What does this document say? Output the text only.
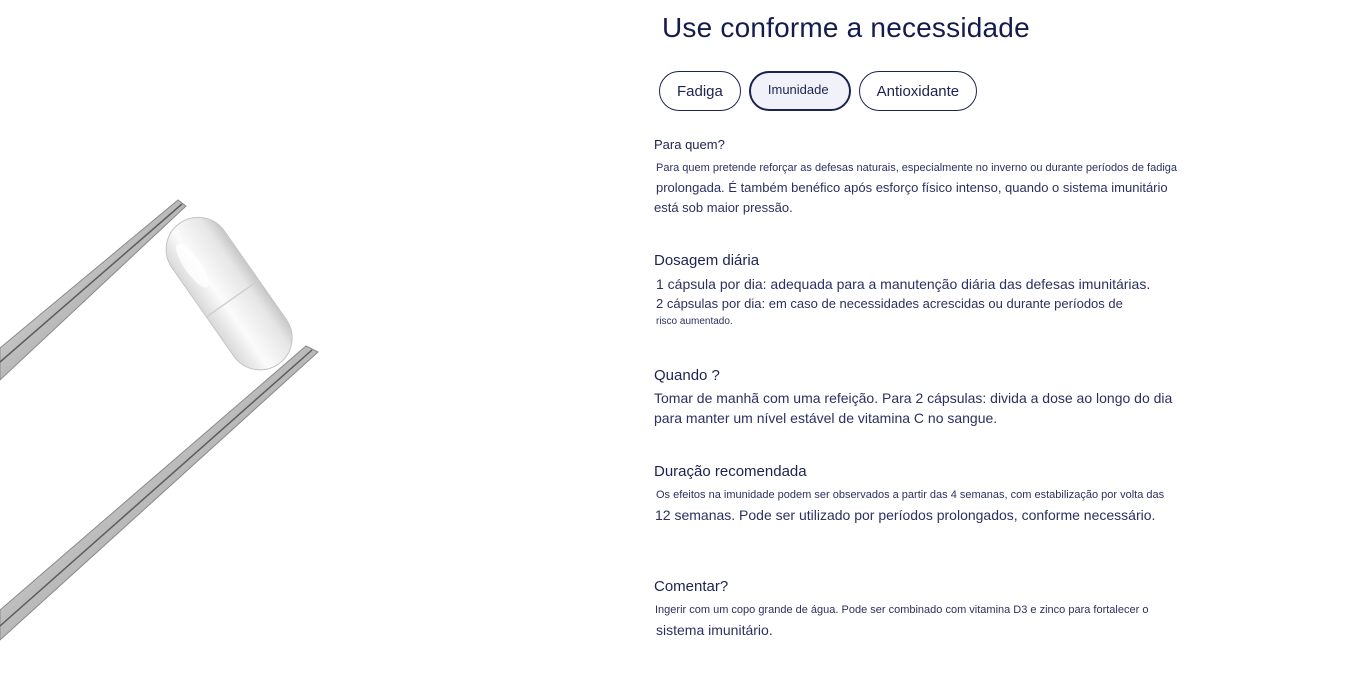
Use conforme a necessidade
Fadiga	Imunidade	Antioxidante

Para quem?

Para quem pretende reforçar as defesas naturais, especialmente no inverno ou durante períodos de fadiga

prolongada. É também benéfico após esforço físico intenso, quando o sistema imunitário

está sob maior pressão.

Dosagem diária

1 cápsula por dia: adequada para a manutenção diária das defesas imunitárias.

2 cápsulas por dia: em caso de necessidades acrescidas ou durante períodos de

risco aumentado.

Quando ?

Tomar de manhã com uma refeição. Para 2 cápsulas: divida a dose ao longo do dia

para manter um nível estável de vitamina C no sangue.

Duração recomendada

Os efeitos na imunidade podem ser observados a partir das 4 semanas, com estabilização por volta das

12 semanas. Pode ser utilizado por períodos prolongados, conforme necessário.

Comentar?

Ingerir com um copo grande de água. Pode ser combinado com vitamina D3 e zinco para fortalecer o

sistema imunitário.
